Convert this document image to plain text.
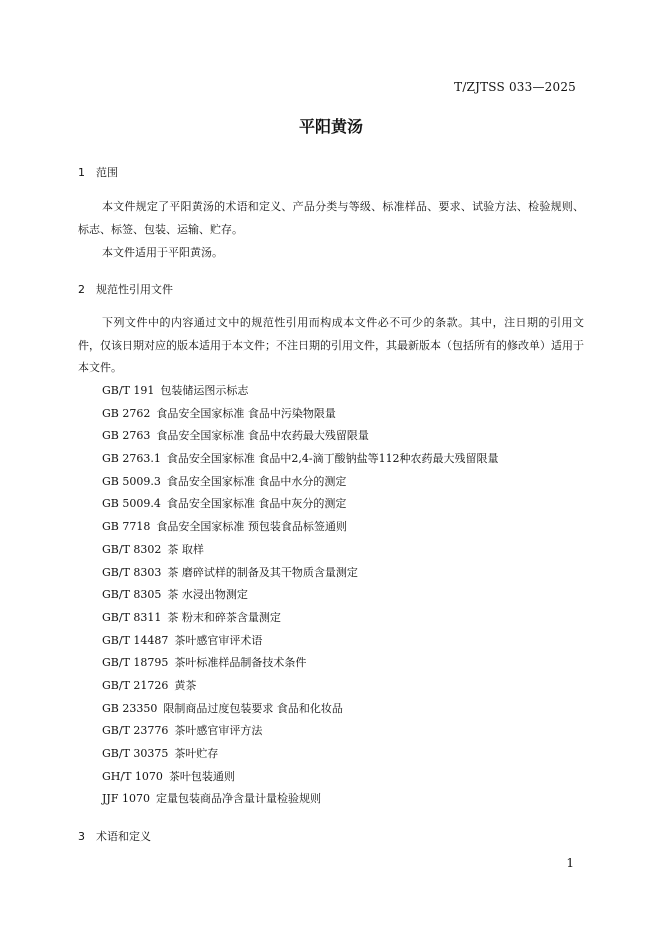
T/ZJTSS 033—2025
平阳黄汤
1 范围

本文件规定了平阳黄汤的术语和定义、产品分类与等级、标准样品、要求、试验方法、检验规则、标志、标签、包装、运输、贮存。

本文件适用于平阳黄汤。

2 规范性引用文件

下列文件中的内容通过文中的规范性引用而构成本文件必不可少的条款。其中，注日期的引用文件，仅该日期对应的版本适用于本文件；不注日期的引用文件，其最新版本（包括所有的修改单）适用于本文件。

GB/T 191 包装储运图示标志
GB 2762 食品安全国家标准 食品中污染物限量
GB 2763 食品安全国家标准 食品中农药最大残留限量
GB 2763.1 食品安全国家标准 食品中2,4-滴丁酸钠盐等112种农药最大残留限量
GB 5009.3 食品安全国家标准 食品中水分的测定
GB 5009.4 食品安全国家标准 食品中灰分的测定
GB 7718 食品安全国家标准 预包装食品标签通则
GB/T 8302 茶 取样
GB/T 8303 茶 磨碎试样的制备及其干物质含量测定
GB/T 8305 茶 水浸出物测定
GB/T 8311 茶 粉末和碎茶含量测定
GB/T 14487 茶叶感官审评术语
GB/T 18795 茶叶标准样品制备技术条件
GB/T 21726 黄茶
GB 23350 限制商品过度包装要求 食品和化妆品
GB/T 23776 茶叶感官审评方法
GB/T 30375 茶叶贮存
GH/T 1070 茶叶包装通则
JJF 1070 定量包装商品净含量计量检验规则
3 术语和定义
1
